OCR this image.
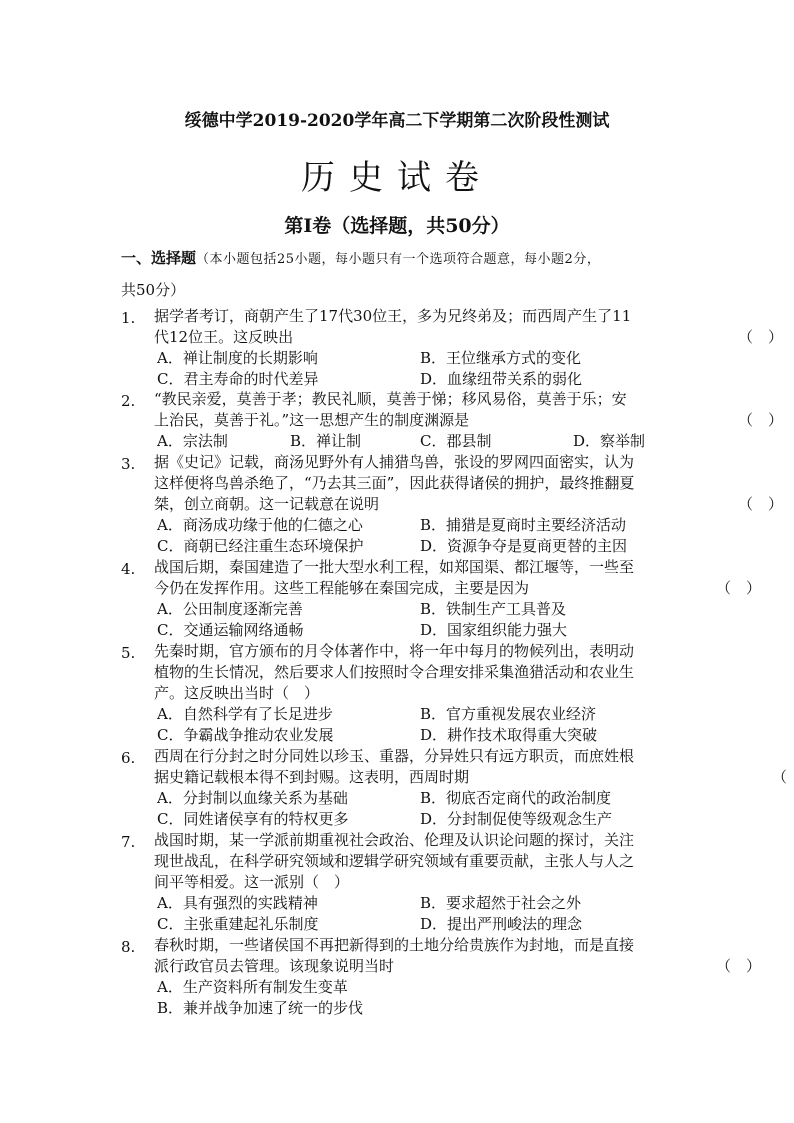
绥德中学2019-2020学年高二下学期第二次阶段性测试
历史试卷
第Ⅰ卷（选择题，共50分）
一、选择题（本小题包括25小题，每小题只有一个选项符合题意，每小题2分，
共50分）
1. 据学者考订，商朝产生了17代30位王，多为兄终弟及；而西周产生了11
代12位王。这反映出	（　）
A．禅让制度的长期影响	B．王位继承方式的变化
C．君主寿命的时代差异	D．血缘纽带关系的弱化
2. “教民亲爱，莫善于孝；教民礼顺，莫善于悌；移风易俗，莫善于乐；安
上治民，莫善于礼。”这一思想产生的制度渊源是	（　）
A．宗法制	B．禅让制	C．郡县制	D．察举制
3. 据《史记》记载，商汤见野外有人捕猎鸟兽，张设的罗网四面密实，认为
这样便将鸟兽杀绝了，“乃去其三面”，因此获得诸侯的拥护，最终推翻夏
桀，创立商朝。这一记载意在说明	（　）
A．商汤成功缘于他的仁德之心	B．捕猎是夏商时主要经济活动
C．商朝已经注重生态环境保护	D．资源争夺是夏商更替的主因
4. 战国后期，秦国建造了一批大型水利工程，如郑国渠、都江堰等，一些至
今仍在发挥作用。这些工程能够在秦国完成，主要是因为	（　）
A．公田制度逐渐完善	B．铁制生产工具普及
C．交通运输网络通畅	D．国家组织能力强大
5. 先秦时期，官方颁布的月令体著作中，将一年中每月的物候列出，表明动
植物的生长情况，然后要求人们按照时令合理安排采集渔猎活动和农业生
产。这反映出当时（　）
A．自然科学有了长足进步	B．官方重视发展农业经济
C．争霸战争推动农业发展	D．耕作技术取得重大突破
6. 西周在行分封之时分同姓以珍玉、重器，分异姓只有远方职贡，而庶姓根
据史籍记载根本得不到封赐。这表明，西周时期	（
A．分封制以血缘关系为基础	B．彻底否定商代的政治制度
C．同姓诸侯享有的特权更多	D．分封制促使等级观念生产
7. 战国时期，某一学派前期重视社会政治、伦理及认识论问题的探讨，关注
现世战乱，在科学研究领域和逻辑学研究领域有重要贡献，主张人与人之
间平等相爱。这一派别（　）
A．具有强烈的实践精神	B．要求超然于社会之外
C．主张重建起礼乐制度	D．提出严刑峻法的理念
8. 春秋时期，一些诸侯国不再把新得到的土地分给贵族作为封地，而是直接
派行政官员去管理。该现象说明当时	（　）
A．生产资料所有制发生变革
B．兼并战争加速了统一的步伐
